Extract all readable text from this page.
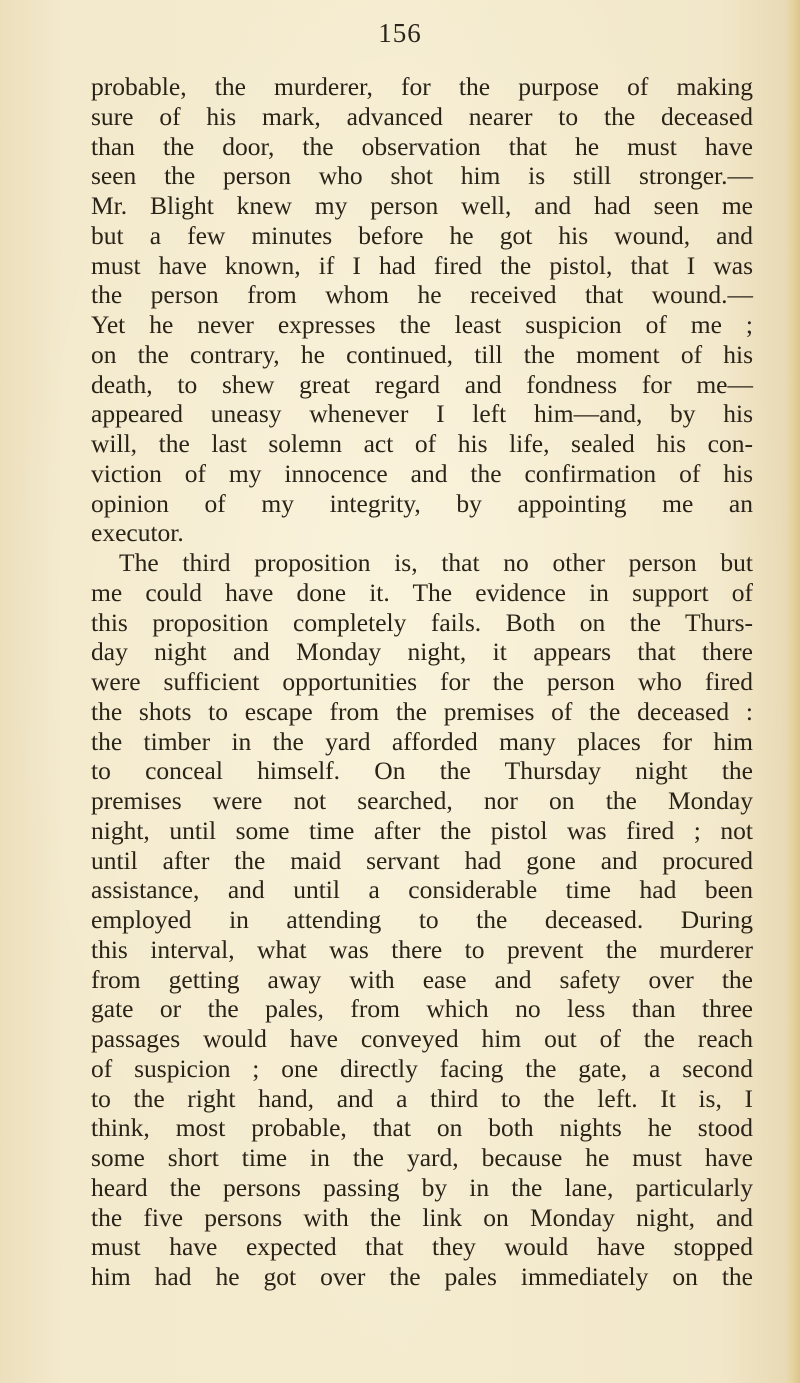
156
probable, the murderer, for the purpose of making
sure of his mark, advanced nearer to the deceased
than the door, the observation that he must have
seen the person who shot him is still stronger.—
Mr. Blight knew my person well, and had seen me
but a few minutes before he got his wound, and
must have known, if I had fired the pistol, that I was
the person from whom he received that wound.—
Yet he never expresses the least suspicion of me ;
on the contrary, he continued, till the moment of his
death, to shew great regard and fondness for me—
appeared uneasy whenever I left him—and, by his
will, the last solemn act of his life, sealed his con-
viction of my innocence and the confirmation of his
opinion of my integrity, by appointing me an
executor.
The third proposition is, that no other person but
me could have done it. The evidence in support of
this proposition completely fails. Both on the Thurs-
day night and Monday night, it appears that there
were sufficient opportunities for the person who fired
the shots to escape from the premises of the deceased :
the timber in the yard afforded many places for him
to conceal himself. On the Thursday night the
premises were not searched, nor on the Monday
night, until some time after the pistol was fired ; not
until after the maid servant had gone and procured
assistance, and until a considerable time had been
employed in attending to the deceased. During
this interval, what was there to prevent the murderer
from getting away with ease and safety over the
gate or the pales, from which no less than three
passages would have conveyed him out of the reach
of suspicion ; one directly facing the gate, a second
to the right hand, and a third to the left. It is, I
think, most probable, that on both nights he stood
some short time in the yard, because he must have
heard the persons passing by in the lane, particularly
the five persons with the link on Monday night, and
must have expected that they would have stopped
him had he got over the pales immediately on the
